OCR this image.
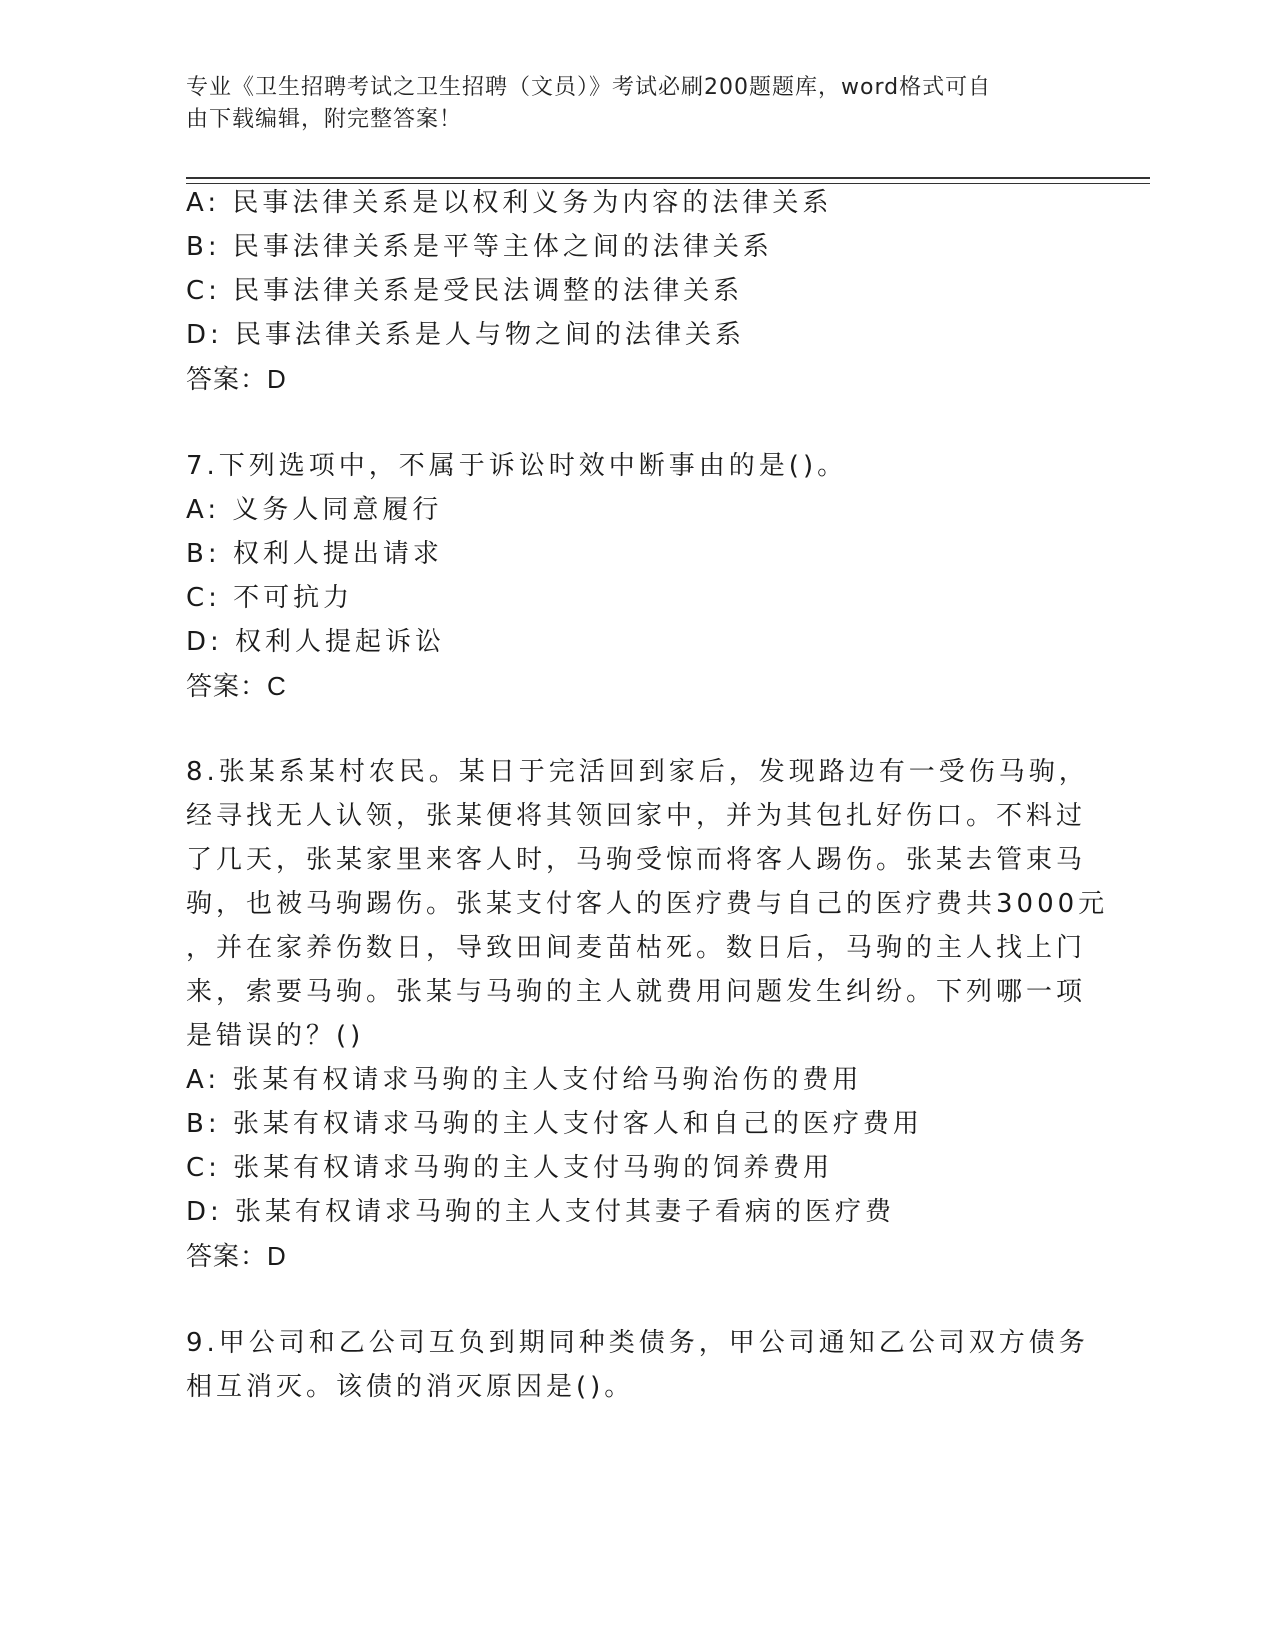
专业《卫生招聘考试之卫生招聘（文员）》考试必刷200题题库，word格式可自
由下载编辑，附完整答案！
A: 民事法律关系是以权利义务为内容的法律关系
B: 民事法律关系是平等主体之间的法律关系
C: 民事法律关系是受民法调整的法律关系
D: 民事法律关系是人与物之间的法律关系
答案：D
7.下列选项中，不属于诉讼时效中断事由的是()。
A: 义务人同意履行
B: 权利人提出请求
C: 不可抗力
D: 权利人提起诉讼
答案：C
8.张某系某村农民。某日于完活回到家后，发现路边有一受伤马驹，
经寻找无人认领，张某便将其领回家中，并为其包扎好伤口。不料过
了几天，张某家里来客人时，马驹受惊而将客人踢伤。张某去管束马
驹，也被马驹踢伤。张某支付客人的医疗费与自己的医疗费共3000元
，并在家养伤数日，导致田间麦苗枯死。数日后，马驹的主人找上门
来，索要马驹。张某与马驹的主人就费用问题发生纠纷。下列哪一项
是错误的？()
A: 张某有权请求马驹的主人支付给马驹治伤的费用
B: 张某有权请求马驹的主人支付客人和自己的医疗费用
C: 张某有权请求马驹的主人支付马驹的饲养费用
D: 张某有权请求马驹的主人支付其妻子看病的医疗费
答案：D
9.甲公司和乙公司互负到期同种类债务，甲公司通知乙公司双方债务
相互消灭。该债的消灭原因是()。
